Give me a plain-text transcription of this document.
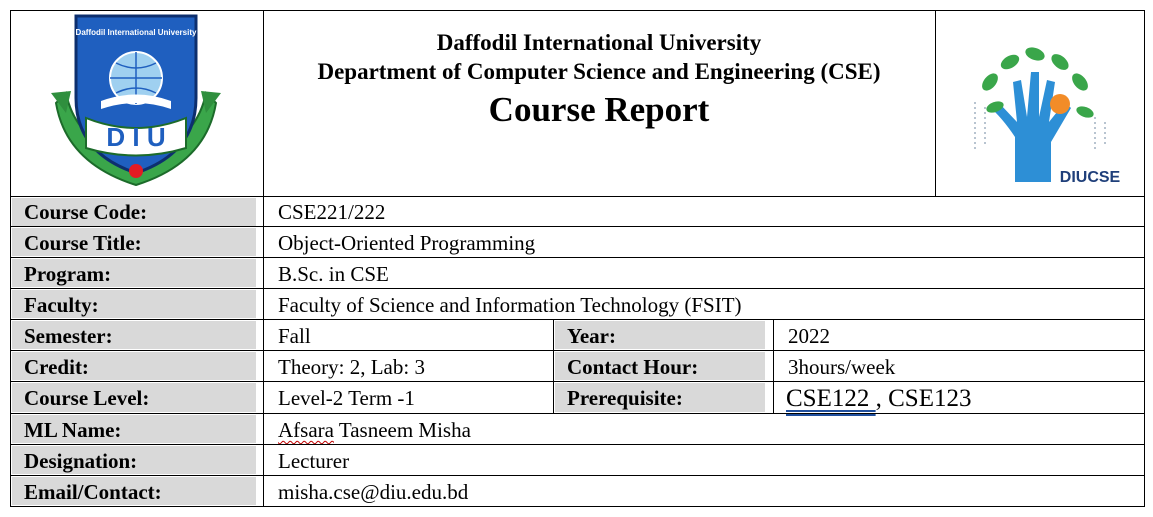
Daffodil International University
D I U
Daffodil International University
Department of Computer Science and Engineering (CSE)
Course Report
DIUCSE
Course Code:	CSE221/222
Course Title:	Object-Oriented Programming
Program:	B.Sc. in CSE
Faculty:	Faculty of Science and Information Technology (FSIT)
Semester:	Fall	Year:	2022
Credit:	Theory: 2, Lab: 3	Contact Hour:	3hours/week
Course Level:	Level-2 Term -1	Prerequisite:	CSE122 , CSE123
ML Name:	Afsara Tasneem Misha
Designation:	Lecturer
Email/Contact:	misha.cse@diu.edu.bd
